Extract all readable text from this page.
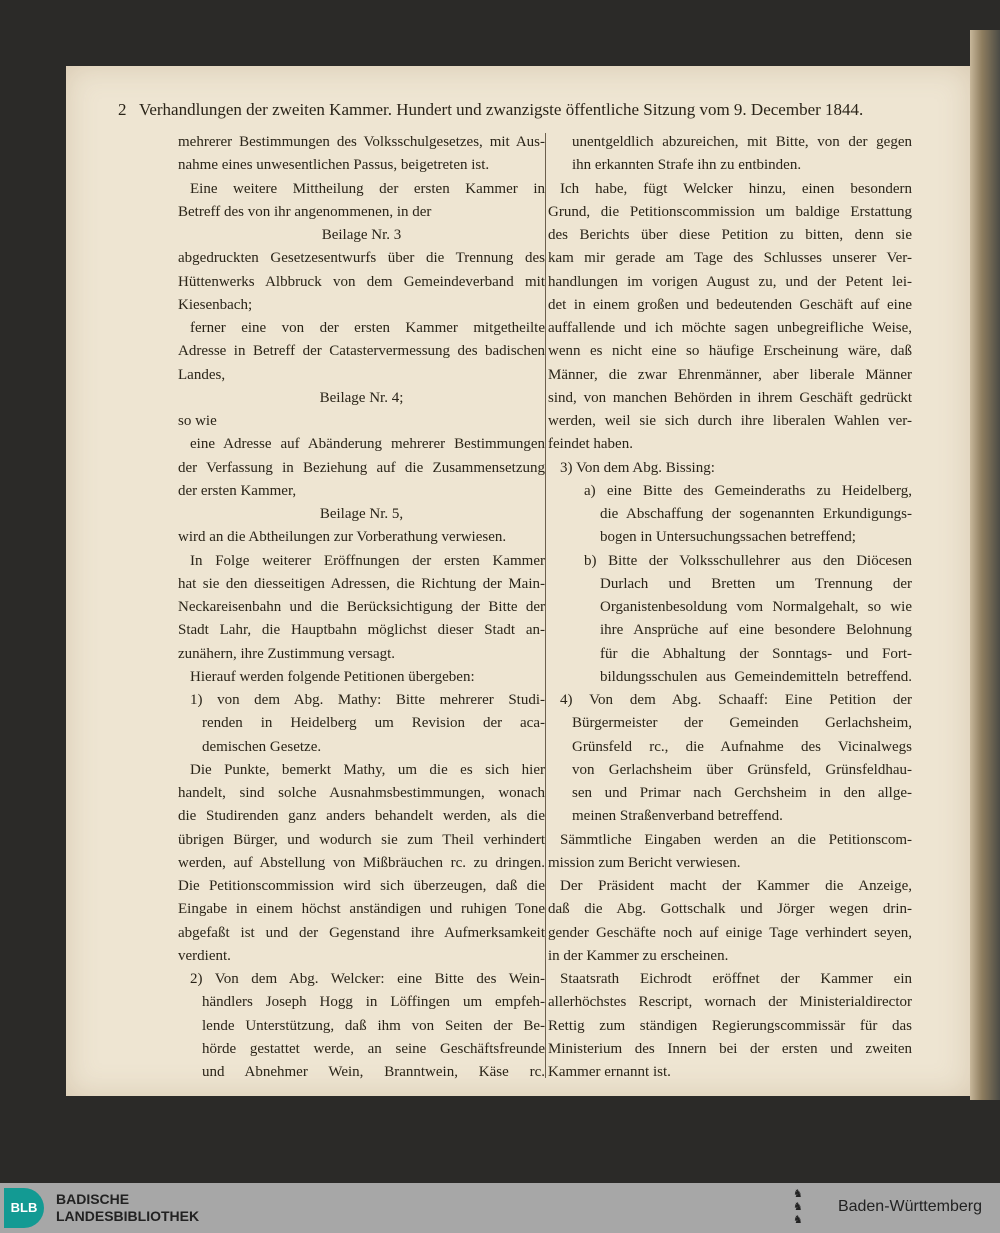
2 Verhandlungen der zweiten Kammer. Hundert und zwanzigste öffentliche Sitzung vom 9. December 1844.
mehrerer Bestimmungen des Volksschulgesetzes, mit Aus-
nahme eines unwesentlichen Passus, beigetreten ist.
Eine weitere Mittheilung der ersten Kammer in
Betreff des von ihr angenommenen, in der
Beilage Nr. 3
abgedruckten Gesetzesentwurfs über die Trennung des
Hüttenwerks Albbruck von dem Gemeindeverband mit
Kiesenbach;
ferner eine von der ersten Kammer mitgetheilte
Adresse in Betreff der Catastervermessung des badischen
Landes,
Beilage Nr. 4;
so wie
eine Adresse auf Abänderung mehrerer Bestimmungen
der Verfassung in Beziehung auf die Zusammensetzung
der ersten Kammer,
Beilage Nr. 5,
wird an die Abtheilungen zur Vorberathung verwiesen.
In Folge weiterer Eröffnungen der ersten Kammer
hat sie den diesseitigen Adressen, die Richtung der Main-
Neckareisenbahn und die Berücksichtigung der Bitte der
Stadt Lahr, die Hauptbahn möglichst dieser Stadt an-
zunähern, ihre Zustimmung versagt.
Hierauf werden folgende Petitionen übergeben:
1) von dem Abg. Mathy: Bitte mehrerer Studi-
renden in Heidelberg um Revision der aca-
demischen Gesetze.
Die Punkte, bemerkt Mathy, um die es sich hier
handelt, sind solche Ausnahmsbestimmungen, wonach
die Studirenden ganz anders behandelt werden, als die
übrigen Bürger, und wodurch sie zum Theil verhindert
werden, auf Abstellung von Mißbräuchen rc. zu dringen.
Die Petitionscommission wird sich überzeugen, daß die
Eingabe in einem höchst anständigen und ruhigen Tone
abgefaßt ist und der Gegenstand ihre Aufmerksamkeit
verdient.
2) Von dem Abg. Welcker: eine Bitte des Wein-
händlers Joseph Hogg in Löffingen um empfeh-
lende Unterstützung, daß ihm von Seiten der Be-
hörde gestattet werde, an seine Geschäftsfreunde
und Abnehmer Wein, Branntwein, Käse rc.
unentgeldlich abzureichen, mit Bitte, von der gegen
ihn erkannten Strafe ihn zu entbinden.
Ich habe, fügt Welcker hinzu, einen besondern
Grund, die Petitionscommission um baldige Erstattung
des Berichts über diese Petition zu bitten, denn sie
kam mir gerade am Tage des Schlusses unserer Ver-
handlungen im vorigen August zu, und der Petent lei-
det in einem großen und bedeutenden Geschäft auf eine
auffallende und ich möchte sagen unbegreifliche Weise,
wenn es nicht eine so häufige Erscheinung wäre, daß
Männer, die zwar Ehrenmänner, aber liberale Männer
sind, von manchen Behörden in ihrem Geschäft gedrückt
werden, weil sie sich durch ihre liberalen Wahlen ver-
feindet haben.
3) Von dem Abg. Bissing:
a) eine Bitte des Gemeinderaths zu Heidelberg,
die Abschaffung der sogenannten Erkundigungs-
bogen in Untersuchungssachen betreffend;
b) Bitte der Volksschullehrer aus den Diöcesen
Durlach und Bretten um Trennung der
Organistenbesoldung vom Normalgehalt, so wie
ihre Ansprüche auf eine besondere Belohnung
für die Abhaltung der Sonntags- und Fort-
bildungsschulen aus Gemeindemitteln betreffend.
4) Von dem Abg. Schaaff: Eine Petition der
Bürgermeister der Gemeinden Gerlachsheim,
Grünsfeld rc., die Aufnahme des Vicinalwegs
von Gerlachsheim über Grünsfeld, Grünsfeldhau-
sen und Primar nach Gerchsheim in den allge-
meinen Straßenverband betreffend.
Sämmtliche Eingaben werden an die Petitionscom-
mission zum Bericht verwiesen.
Der Präsident macht der Kammer die Anzeige,
daß die Abg. Gottschalk und Jörger wegen drin-
gender Geschäfte noch auf einige Tage verhindert seyen,
in der Kammer zu erscheinen.
Staatsrath Eichrodt eröffnet der Kammer ein
allerhöchstes Rescript, wornach der Ministerialdirector
Rettig zum ständigen Regierungscommissär für das
Ministerium des Innern bei der ersten und zweiten
Kammer ernannt ist.
BLB
BADISCHE
LANDESBIBLIOTHEK
♞
♞
♞
Baden-Württemberg
